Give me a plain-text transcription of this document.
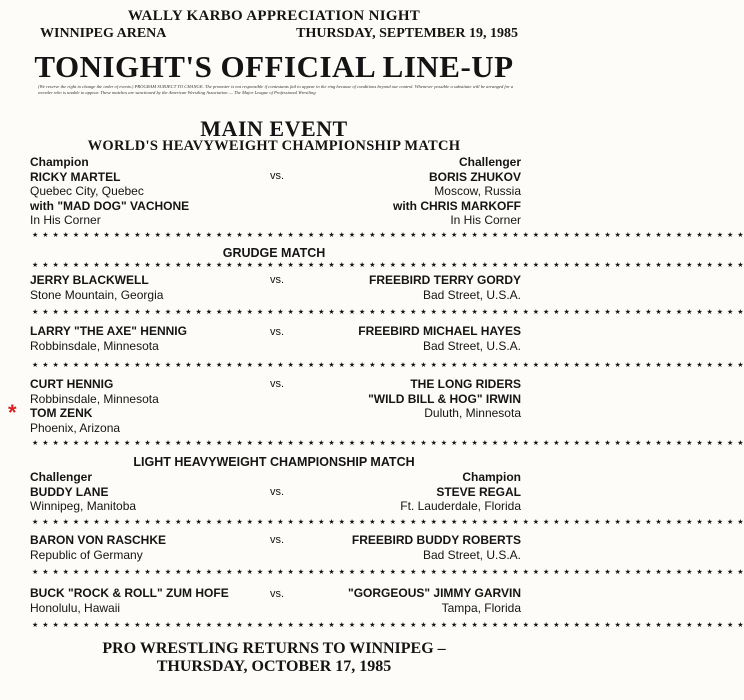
WALLY KARBO APPRECIATION NIGHT
WINNIPEG ARENA	THURSDAY, SEPTEMBER 19, 1985
TONIGHT'S OFFICIAL LINE-UP
(We reserve the right to change the order of events.) PROGRAM SUBJECT TO CHANGE. The promoter is not responsible if contestants fail to appear in the ring because of conditions beyond our control. Whenever possible a substitute will be arranged for a wrestler who is unable to appear. These matches are sanctioned by the American Wrestling Association — The Major League of Professional Wrestling
MAIN EVENT
WORLD'S HEAVYWEIGHT CHAMPIONSHIP MATCH
Champion
RICKY MARTEL
Quebec City, Quebec
with "MAD DOG" VACHONE
In His Corner
vs.
Challenger
BORIS ZHUKOV
Moscow, Russia
with CHRIS MARKOFF
In His Corner
★ ★ ★ ★ ★ ★ ★ ★ ★ ★ ★ ★ ★ ★ ★ ★ ★ ★ ★ ★ ★ ★ ★ ★ ★ ★ ★ ★ ★ ★ ★ ★ ★ ★ ★ ★ ★ ★ ★ ★ ★ ★ ★ ★ ★ ★ ★ ★ ★ ★ ★ ★ ★ ★ ★ ★ ★ ★ ★ ★ ★ ★ ★ ★ ★ ★ ★ ★ ★ ★
GRUDGE MATCH
★ ★ ★ ★ ★ ★ ★ ★ ★ ★ ★ ★ ★ ★ ★ ★ ★ ★ ★ ★ ★ ★ ★ ★ ★ ★ ★ ★ ★ ★ ★ ★ ★ ★ ★ ★ ★ ★ ★ ★ ★ ★ ★ ★ ★ ★ ★ ★ ★ ★ ★ ★ ★ ★ ★ ★ ★ ★ ★ ★ ★ ★ ★ ★ ★ ★ ★ ★ ★ ★
JERRY BLACKWELL
Stone Mountain, Georgia
vs.	FREEBIRD TERRY GORDY
Bad Street, U.S.A.
★ ★ ★ ★ ★ ★ ★ ★ ★ ★ ★ ★ ★ ★ ★ ★ ★ ★ ★ ★ ★ ★ ★ ★ ★ ★ ★ ★ ★ ★ ★ ★ ★ ★ ★ ★ ★ ★ ★ ★ ★ ★ ★ ★ ★ ★ ★ ★ ★ ★ ★ ★ ★ ★ ★ ★ ★ ★ ★ ★ ★ ★ ★ ★ ★ ★ ★ ★ ★ ★
LARRY "THE AXE" HENNIG
Robbinsdale, Minnesota
vs.	FREEBIRD MICHAEL HAYES
Bad Street, U.S.A.
★ ★ ★ ★ ★ ★ ★ ★ ★ ★ ★ ★ ★ ★ ★ ★ ★ ★ ★ ★ ★ ★ ★ ★ ★ ★ ★ ★ ★ ★ ★ ★ ★ ★ ★ ★ ★ ★ ★ ★ ★ ★ ★ ★ ★ ★ ★ ★ ★ ★ ★ ★ ★ ★ ★ ★ ★ ★ ★ ★ ★ ★ ★ ★ ★ ★ ★ ★ ★ ★
CURT HENNIG
Robbinsdale, Minnesota
TOM ZENK
Phoenix, Arizona
*
vs.	THE LONG RIDERS
"WILD BILL & HOG" IRWIN
Duluth, Minnesota
★ ★ ★ ★ ★ ★ ★ ★ ★ ★ ★ ★ ★ ★ ★ ★ ★ ★ ★ ★ ★ ★ ★ ★ ★ ★ ★ ★ ★ ★ ★ ★ ★ ★ ★ ★ ★ ★ ★ ★ ★ ★ ★ ★ ★ ★ ★ ★ ★ ★ ★ ★ ★ ★ ★ ★ ★ ★ ★ ★ ★ ★ ★ ★ ★ ★ ★ ★ ★ ★
LIGHT HEAVYWEIGHT CHAMPIONSHIP MATCH
Challenger
BUDDY LANE
Winnipeg, Manitoba
vs.
Champion
STEVE REGAL
Ft. Lauderdale, Florida
★ ★ ★ ★ ★ ★ ★ ★ ★ ★ ★ ★ ★ ★ ★ ★ ★ ★ ★ ★ ★ ★ ★ ★ ★ ★ ★ ★ ★ ★ ★ ★ ★ ★ ★ ★ ★ ★ ★ ★ ★ ★ ★ ★ ★ ★ ★ ★ ★ ★ ★ ★ ★ ★ ★ ★ ★ ★ ★ ★ ★ ★ ★ ★ ★ ★ ★ ★ ★ ★
BARON VON RASCHKE
Republic of Germany
vs.	FREEBIRD BUDDY ROBERTS
Bad Street, U.S.A.
★ ★ ★ ★ ★ ★ ★ ★ ★ ★ ★ ★ ★ ★ ★ ★ ★ ★ ★ ★ ★ ★ ★ ★ ★ ★ ★ ★ ★ ★ ★ ★ ★ ★ ★ ★ ★ ★ ★ ★ ★ ★ ★ ★ ★ ★ ★ ★ ★ ★ ★ ★ ★ ★ ★ ★ ★ ★ ★ ★ ★ ★ ★ ★ ★ ★ ★ ★ ★ ★
BUCK "ROCK & ROLL" ZUM HOFE
Honolulu, Hawaii
vs.	"GORGEOUS" JIMMY GARVIN
Tampa, Florida
★ ★ ★ ★ ★ ★ ★ ★ ★ ★ ★ ★ ★ ★ ★ ★ ★ ★ ★ ★ ★ ★ ★ ★ ★ ★ ★ ★ ★ ★ ★ ★ ★ ★ ★ ★ ★ ★ ★ ★ ★ ★ ★ ★ ★ ★ ★ ★ ★ ★ ★ ★ ★ ★ ★ ★ ★ ★ ★ ★ ★ ★ ★ ★ ★ ★ ★ ★ ★ ★
PRO WRESTLING RETURNS TO WINNIPEG –
THURSDAY, OCTOBER 17, 1985
